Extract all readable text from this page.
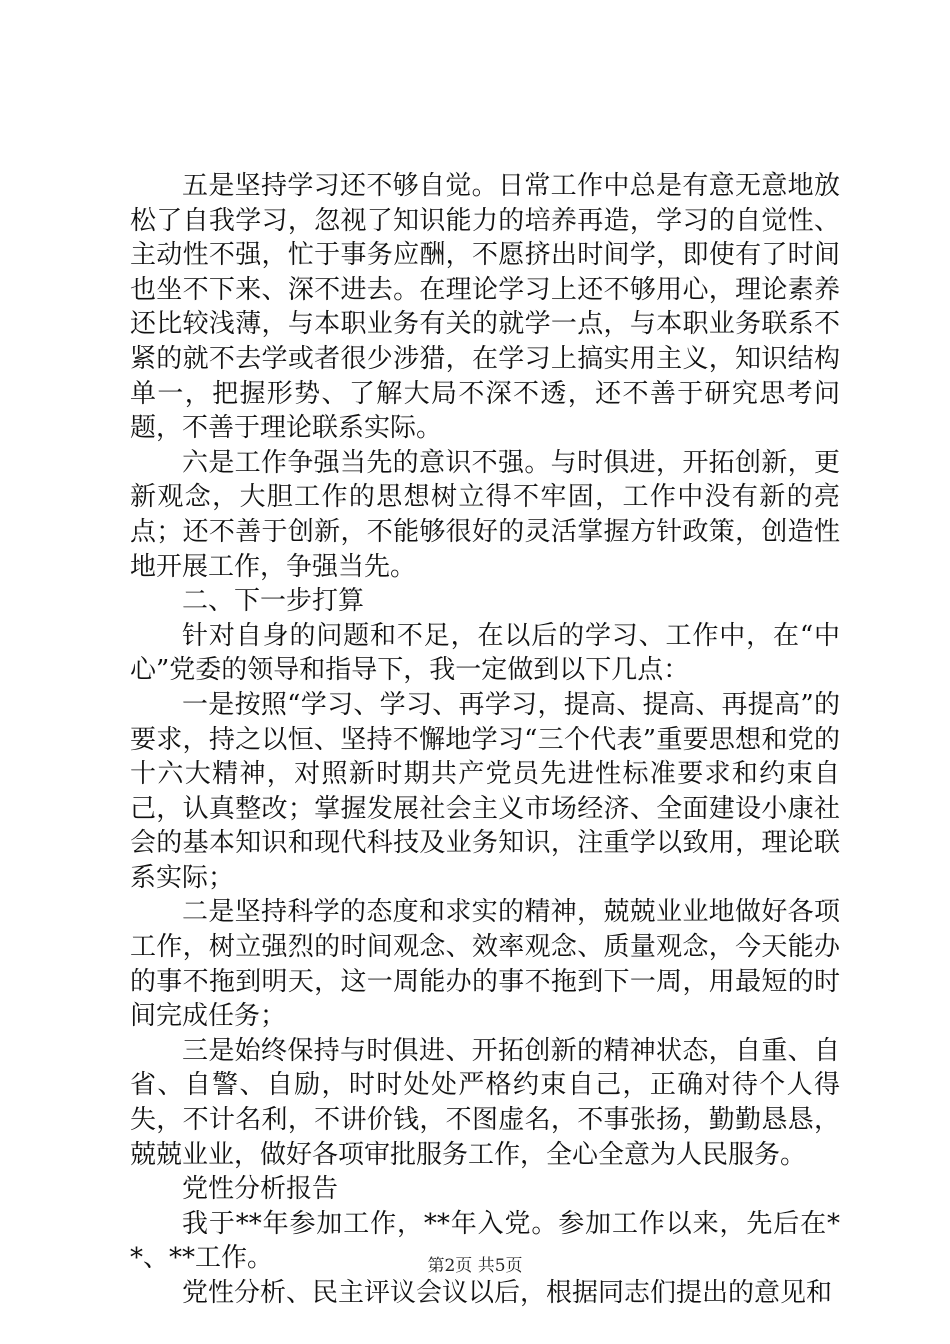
五是坚持学习还不够自觉。日常工作中总是有意无意地放松了自我学习，忽视了知识能力的培养再造，学习的自觉性、主动性不强，忙于事务应酬，不愿挤出时间学，即使有了时间也坐不下来、深不进去。在理论学习上还不够用心，理论素养还比较浅薄，与本职业务有关的就学一点，与本职业务联系不紧的就不去学或者很少涉猎，在学习上搞实用主义，知识结构单一，把握形势、了解大局不深不透，还不善于研究思考问题，不善于理论联系实际。

六是工作争强当先的意识不强。与时俱进，开拓创新，更新观念，大胆工作的思想树立得不牢固，工作中没有新的亮点；还不善于创新，不能够很好的灵活掌握方针政策，创造性地开展工作，争强当先。

二、下一步打算

针对自身的问题和不足，在以后的学习、工作中，在“中心”党委的领导和指导下，我一定做到以下几点：

一是按照“学习、学习、再学习，提高、提高、再提高”的要求，持之以恒、坚持不懈地学习“三个代表”重要思想和党的十六大精神，对照新时期共产党员先进性标准要求和约束自己，认真整改；掌握发展社会主义市场经济、全面建设小康社会的基本知识和现代科技及业务知识，注重学以致用，理论联系实际；

二是坚持科学的态度和求实的精神，兢兢业业地做好各项工作，树立强烈的时间观念、效率观念、质量观念，今天能办的事不拖到明天，这一周能办的事不拖到下一周，用最短的时间完成任务；

三是始终保持与时俱进、开拓创新的精神状态，自重、自省、自警、自励，时时处处严格约束自己，正确对待个人得失，不计名利，不讲价钱，不图虚名，不事张扬，勤勤恳恳，兢兢业业，做好各项审批服务工作，全心全意为人民服务。

党性分析报告

我于**年参加工作，**年入党。参加工作以来，先后在**、**工作。

党性分析、民主评议会议以后，根据同志们提出的意见和

第2页 共5页
